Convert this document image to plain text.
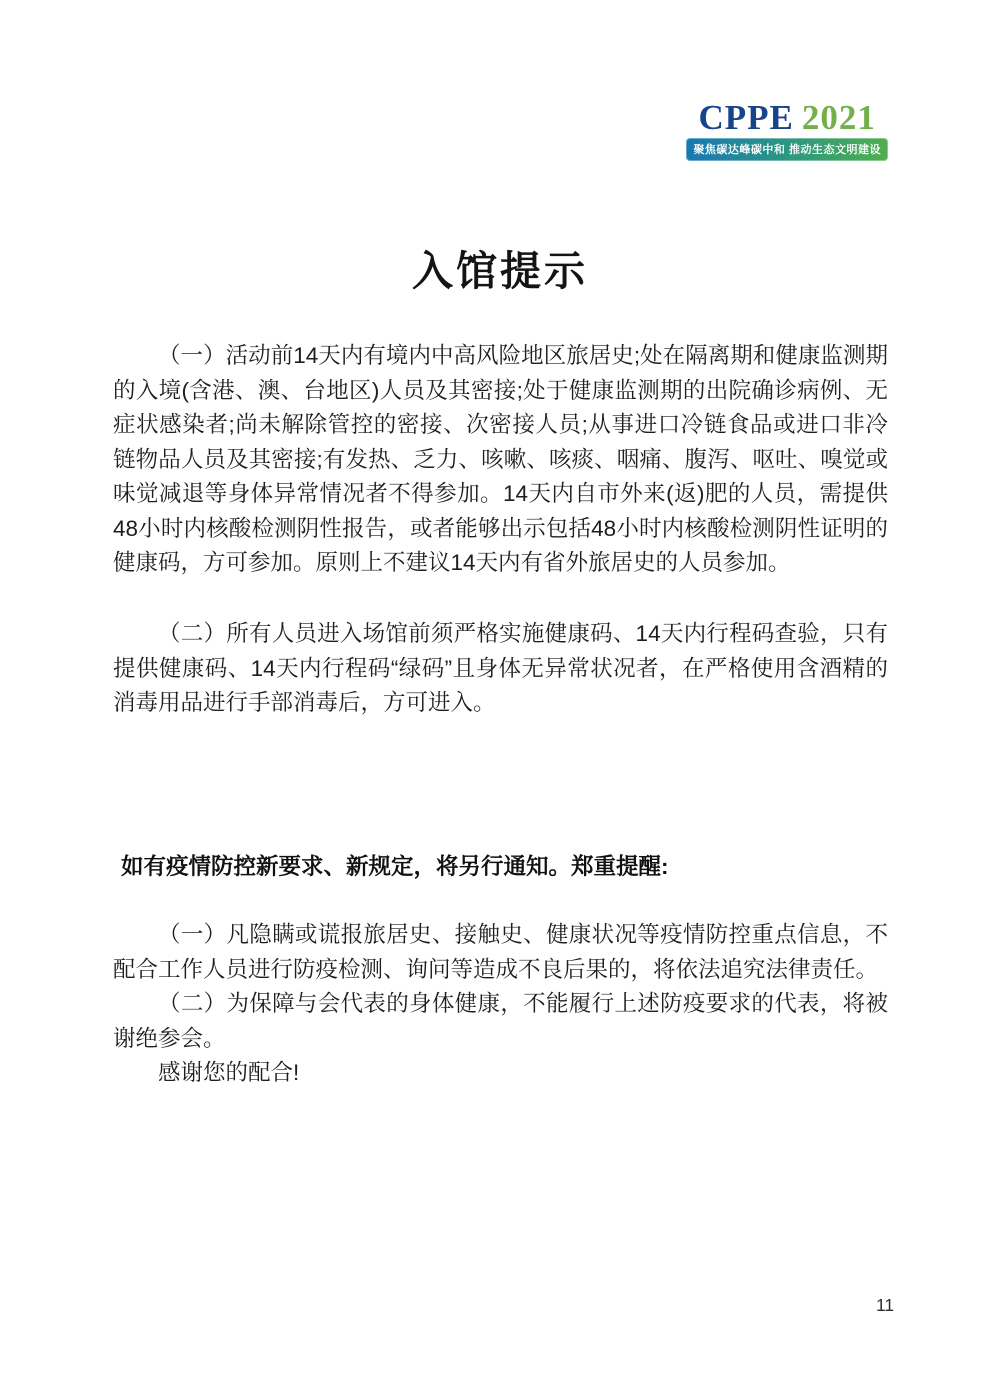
CPPE 2021
聚焦碳达峰碳中和 推动生态文明建设
入馆提示

（一）活动前14天内有境内中高风险地区旅居史;处在隔离期和健康监测期的入境(含港、澳、台地区)人员及其密接;处于健康监测期的出院确诊病例、无症状感染者;尚未解除管控的密接、次密接人员;从事进口冷链食品或进口非冷链物品人员及其密接;有发热、乏力、咳嗽、咳痰、咽痛、腹泻、呕吐、嗅觉或味觉减退等身体异常情况者不得参加。14天内自市外来(返)肥的人员，需提供48小时内核酸检测阴性报告，或者能够出示包括48小时内核酸检测阴性证明的健康码，方可参加。原则上不建议14天内有省外旅居史的人员参加。

（二）所有人员进入场馆前须严格实施健康码、14天内行程码查验，只有提供健康码、14天内行程码“绿码”且身体无异常状况者，在严格使用含酒精的消毒用品进行手部消毒后，方可进入。

如有疫情防控新要求、新规定，将另行通知。郑重提醒:

（一）凡隐瞒或谎报旅居史、接触史、健康状况等疫情防控重点信息，不配合工作人员进行防疫检测、询问等造成不良后果的，将依法追究法律责任。

（二）为保障与会代表的身体健康，不能履行上述防疫要求的代表，将被谢绝参会。

感谢您的配合!

11
